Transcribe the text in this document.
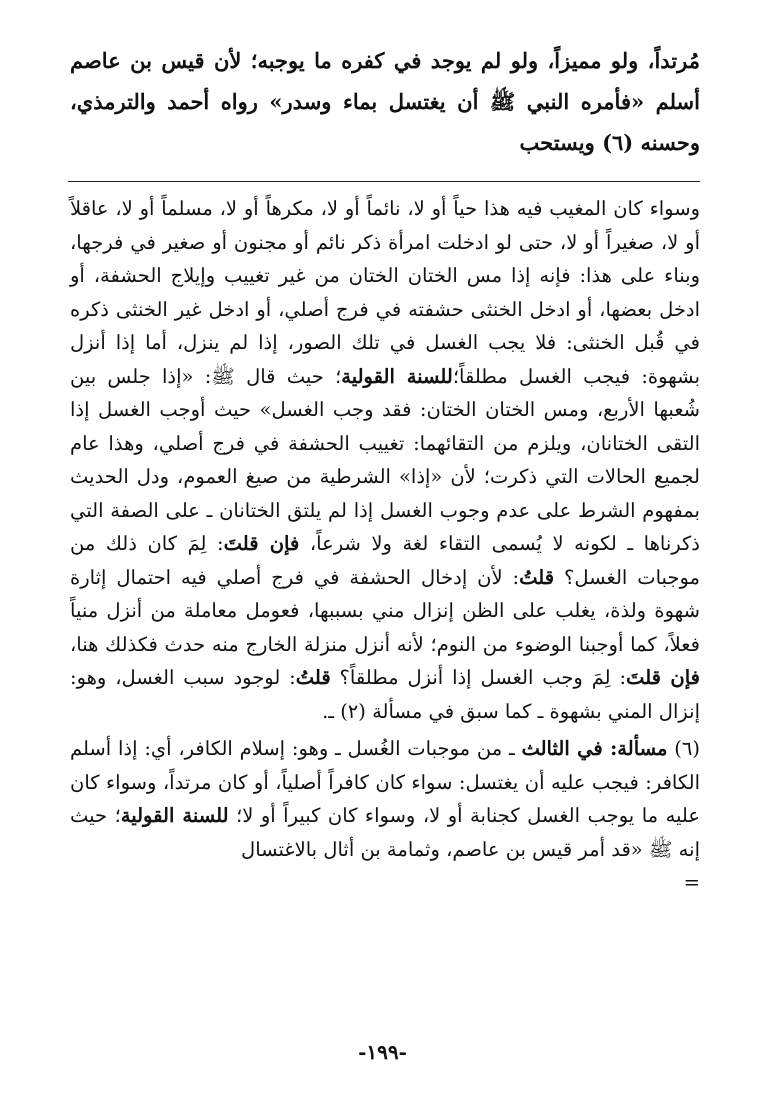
مُرتداً، ولو مميزاً، ولو لم يوجد في كفره ما يوجبه؛ لأن قيس بن عاصم أسلم «فأمره النبي ﷺ أن يغتسل بماء وسدر» رواه أحمد والترمذي، وحسنه (٦) ويستحب

وسواء كان المغيب فيه هذا حياً أو لا، نائماً أو لا، مكرهاً أو لا، مسلماً أو لا، عاقلاً أو لا، صغيراً أو لا، حتى لو ادخلت امرأة ذكر نائم أو مجنون أو صغير في فرجها، وبناء على هذا: فإنه إذا مس الختان الختان من غير تغييب وإيلاج الحشفة، أو ادخل بعضها، أو ادخل الخنثى حشفته في فرج أصلي، أو ادخل غير الخنثى ذكره في قُبل الخنثى: فلا يجب الغسل في تلك الصور، إذا لم ينزل، أما إذا أنزل بشهوة: فيجب الغسل مطلقاً؛للسنة القولية؛ حيث قال ﷺ: «إذا جلس بين شُعبها الأربع، ومس الختان الختان: فقد وجب الغسل» حيث أوجب الغسل إذا التقى الختانان، ويلزم من التقائهما: تغييب الحشفة في فرج أصلي، وهذا عام لجميع الحالات التي ذكرت؛ لأن «إذا» الشرطية من صيغ العموم، ودل الحديث بمفهوم الشرط على عدم وجوب الغسل إذا لم يلتق الختانان ـ على الصفة التي ذكرناها ـ لكونه لا يُسمى التقاء لغة ولا شرعاً، فإن قلتَ: لِمَ كان ذلك من موجبات الغسل؟ قلتُ: لأن إدخال الحشفة في فرج أصلي فيه احتمال إثارة شهوة ولذة، يغلب على الظن إنزال مني بسببها، فعومل معاملة من أنزل منياً فعلاً، كما أوجبنا الوضوء من النوم؛ لأنه أنزل منزلة الخارج منه حدث فكذلك هنا، فإن قلتَ: لِمَ وجب الغسل إذا أنزل مطلقاً؟ قلتُ: لوجود سبب الغسل، وهو: إنزال المني بشهوة ـ كما سبق في مسألة (٢) ـ.

(٦) مسألة: في الثالث ـ من موجبات الغُسل ـ وهو: إسلام الكافر، أي: إذا أسلم الكافر: فيجب عليه أن يغتسل: سواء كان كافراً أصلياً، أو كان مرتداً، وسواء كان عليه ما يوجب الغسل كجنابة أو لا، وسواء كان كبيراً أو لا؛ للسنة القولية؛ حيث إنه ﷺ «قد أمر قيس بن عاصم، وثمامة بن أثال بالاغتسال
=

-١٩٩-
